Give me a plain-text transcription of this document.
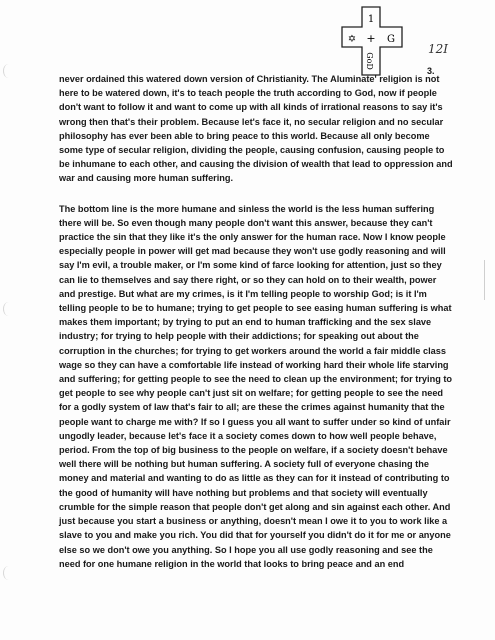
1
✡ + G
GoD
12I
3.

never ordained this watered down version of Christianity. The Aluminate' religion is not here to be watered down, it's to teach people the truth according to God, now if people don't want to follow it and want to come up with all kinds of irrational reasons to say it's wrong then that's their problem. Because let's face it, no secular religion and no secular philosophy has ever been able to bring peace to this world. Because all only become some type of secular religion, dividing the people, causing confusion, causing people to be inhumane to each other, and causing the division of wealth that lead to oppression and war and causing more human suffering.

The bottom line is the more humane and sinless the world is the less human suffering there will be. So even though many people don't want this answer, because they can't practice the sin that they like it's the only answer for the human race. Now I know people especially people in power will get mad because they won't use godly reasoning and will say I'm evil, a trouble maker, or I'm some kind of farce looking for attention, just so they can lie to themselves and say there right, or so they can hold on to their wealth, power and prestige. But what are my crimes, is it I'm telling people to worship God; is it I'm telling people to be to humane; trying to get people to see easing human suffering is what makes them important; by trying to put an end to human trafficking and the sex slave industry; for trying to help people with their addictions; for speaking out about the corruption in the churches; for trying to get workers around the world a fair middle class wage so they can have a comfortable life instead of working hard their whole life starving and suffering; for getting people to see the need to clean up the environment; for trying to get people to see why people can't just sit on welfare; for getting people to see the need for a godly system of law that's fair to all; are these the crimes against humanity that the people want to charge me with? If so I guess you all want to suffer under so kind of unfair ungodly leader, because let's face it a society comes down to how well people behave, period. From the top of big business to the people on welfare, if a society doesn't behave well there will be nothing but human suffering. A society full of everyone chasing the money and material and wanting to do as little as they can for it instead of contributing to the good of humanity will have nothing but problems and that society will eventually crumble for the simple reason that people don't get along and sin against each other. And just because you start a business or anything, doesn't mean I owe it to you to work like a slave to you and make you rich. You did that for yourself you didn't do it for me or anyone else so we don't owe you anything. So I hope you all use godly reasoning and see the need for one humane religion in the world that looks to bring peace and an end
